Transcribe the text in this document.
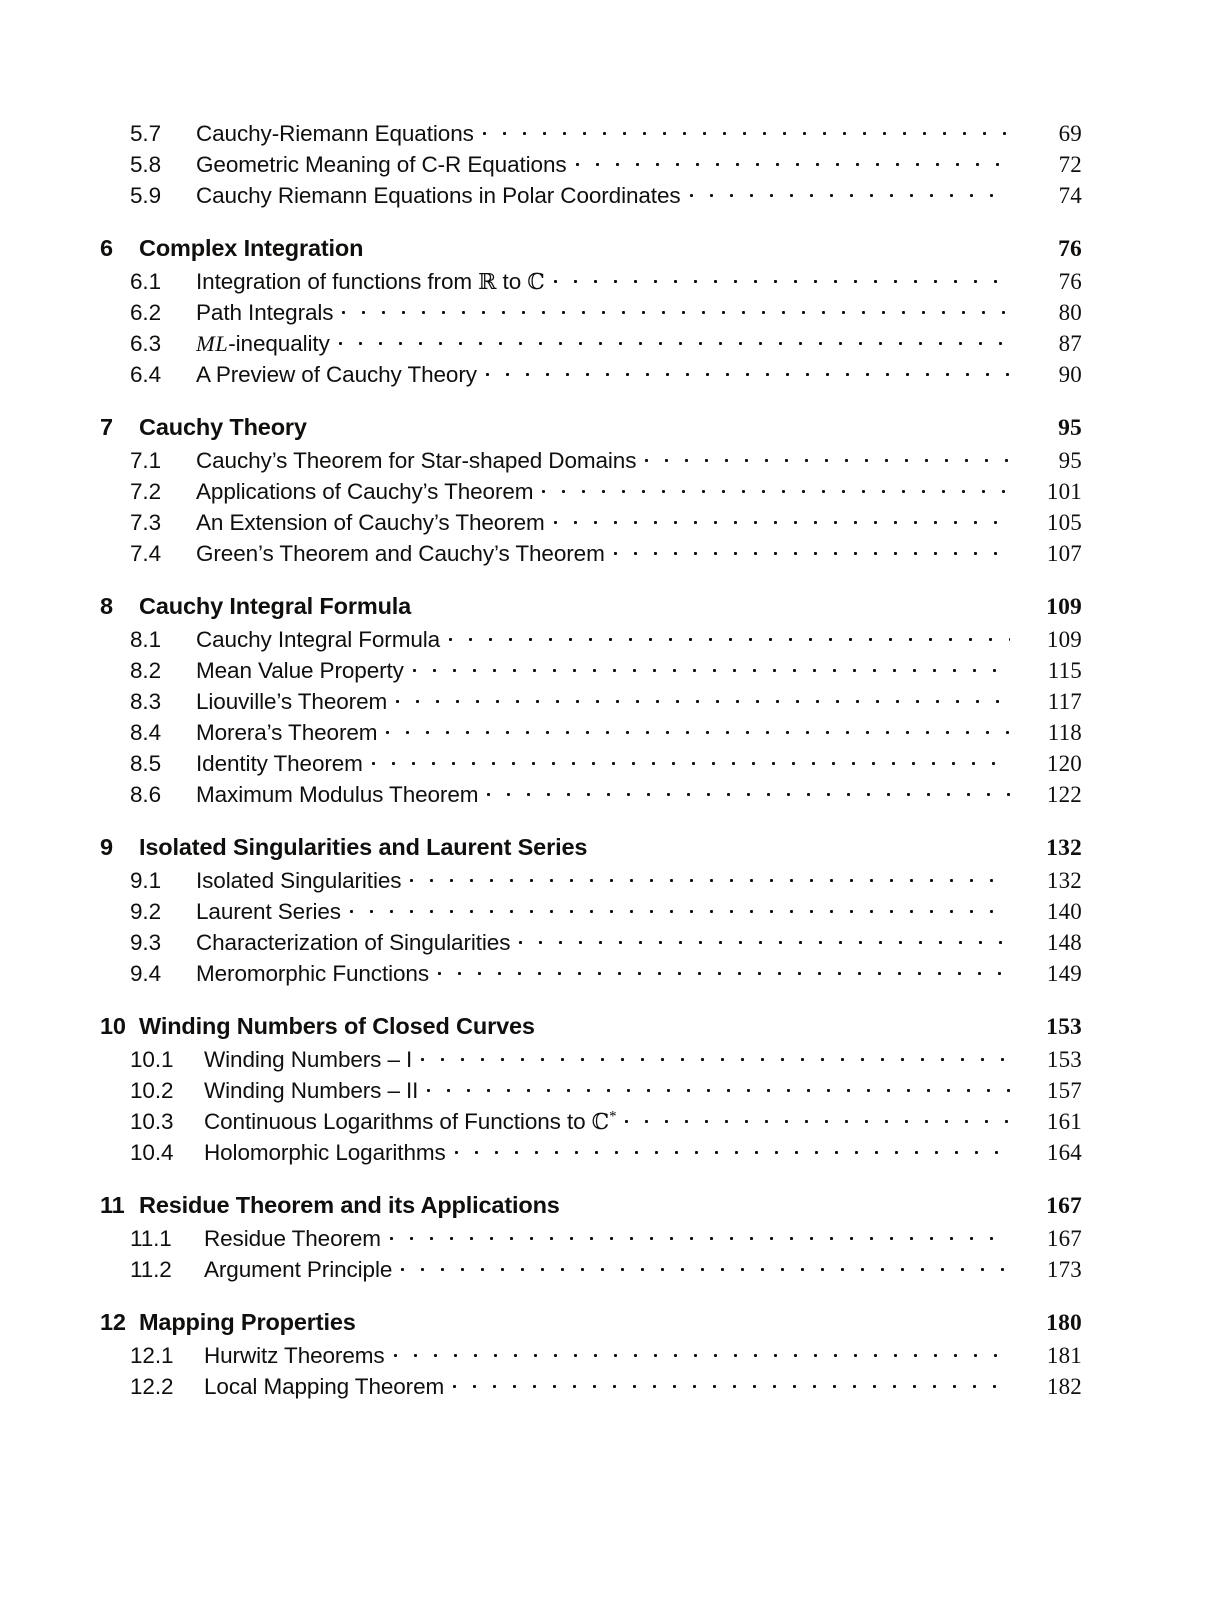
5.7	Cauchy-Riemann Equations	69
5.8	Geometric Meaning of C-R Equations	72
5.9	Cauchy Riemann Equations in Polar Coordinates	74
6	Complex Integration	76
6.1	Integration of functions from ℝ to ℂ	76
6.2	Path Integrals	80
6.3	ML-inequality	87
6.4	A Preview of Cauchy Theory	90
7	Cauchy Theory	95
7.1	Cauchy’s Theorem for Star-shaped Domains	95
7.2	Applications of Cauchy’s Theorem	101
7.3	An Extension of Cauchy’s Theorem	105
7.4	Green’s Theorem and Cauchy’s Theorem	107
8	Cauchy Integral Formula	109
8.1	Cauchy Integral Formula	109
8.2	Mean Value Property	115
8.3	Liouville’s Theorem	117
8.4	Morera’s Theorem	118
8.5	Identity Theorem	120
8.6	Maximum Modulus Theorem	122
9	Isolated Singularities and Laurent Series	132
9.1	Isolated Singularities	132
9.2	Laurent Series	140
9.3	Characterization of Singularities	148
9.4	Meromorphic Functions	149
10 Winding Numbers of Closed Curves	153
10.1	Winding Numbers – I	153
10.2	Winding Numbers – II	157
10.3	Continuous Logarithms of Functions to ℂ*	161
10.4	Holomorphic Logarithms	164
11 Residue Theorem and its Applications	167
11.1	Residue Theorem	167
11.2	Argument Principle	173
12 Mapping Properties	180
12.1	Hurwitz Theorems	181
12.2	Local Mapping Theorem	182
